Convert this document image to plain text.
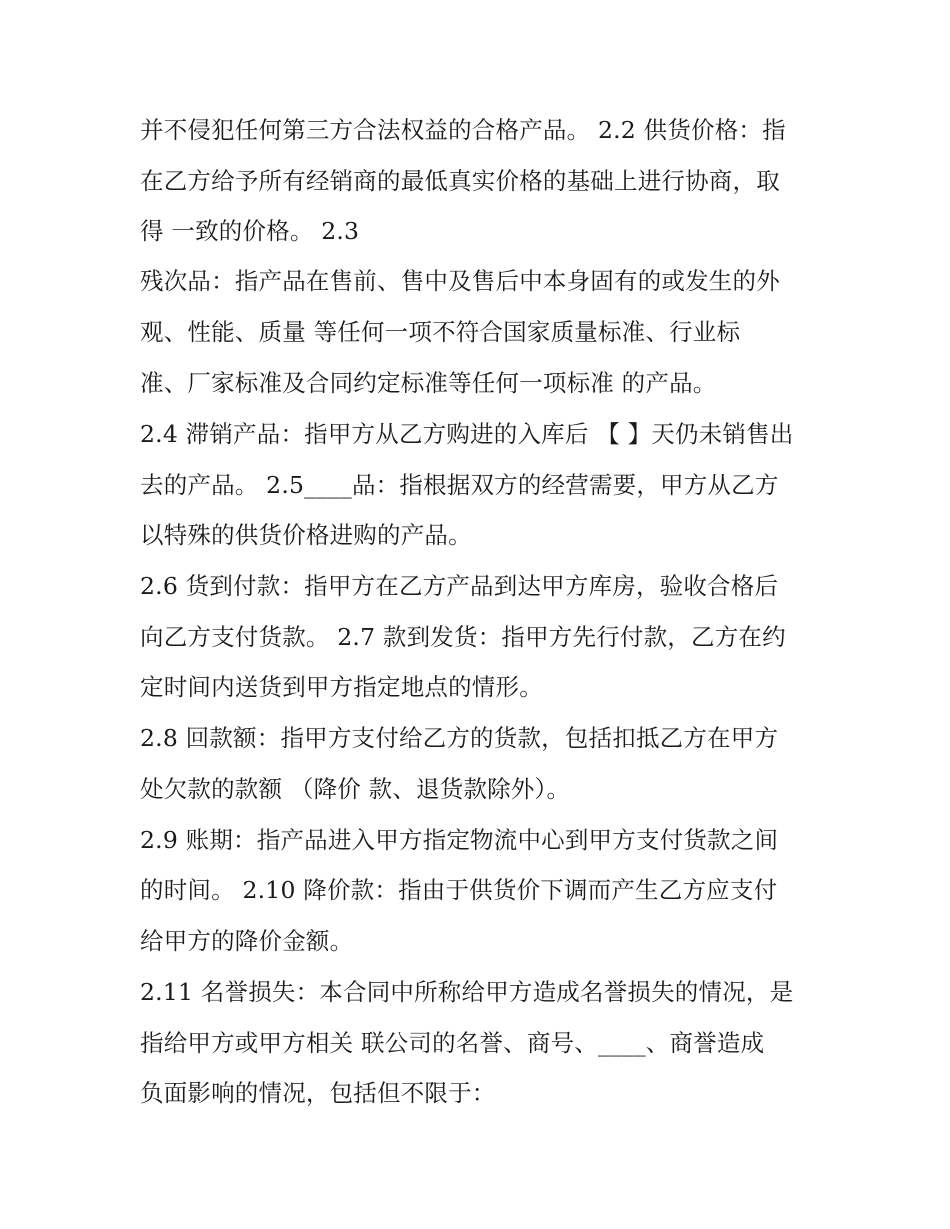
并不侵犯任何第三方合法权益的合格产品。 2.2 供货价格：指
在乙方给予所有经销商的最低真实价格的基础上进行协商，取
得 一致的价格。 2.3
残次品：指产品在售前、售中及售后中本身固有的或发生的外
观、性能、质量 等任何一项不符合国家质量标准、行业标
准、厂家标准及合同约定标准等任何一项标准 的产品。
2.4 滞销产品：指甲方从乙方购进的入库后 【 】天仍未销售出
去的产品。 2.5____品：指根据双方的经营需要，甲方从乙方
以特殊的供货价格进购的产品。
2.6 货到付款：指甲方在乙方产品到达甲方库房，验收合格后
向乙方支付货款。 2.7 款到发货：指甲方先行付款，乙方在约
定时间内送货到甲方指定地点的情形。
2.8 回款额：指甲方支付给乙方的货款，包括扣抵乙方在甲方
处欠款的款额 （降价 款、退货款除外）。
2.9 账期：指产品进入甲方指定物流中心到甲方支付货款之间
的时间。 2.10 降价款：指由于供货价下调而产生乙方应支付
给甲方的降价金额。
2.11 名誉损失：本合同中所称给甲方造成名誉损失的情况，是
指给甲方或甲方相关 联公司的名誉、商号、____、商誉造成
负面影响的情况，包括但不限于：
